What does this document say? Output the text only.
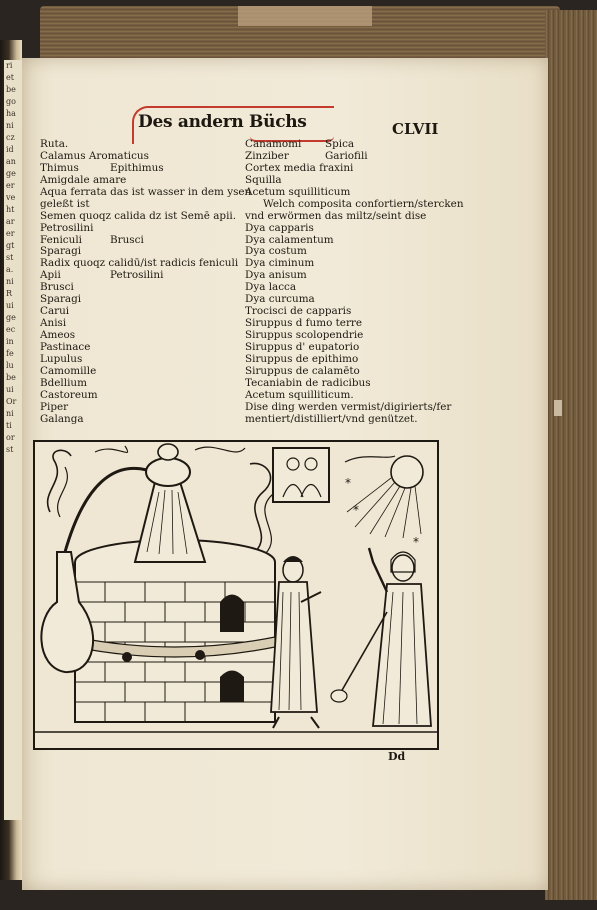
ri
et
be
go
ha
ni
cz
id
an
ge
er
ve
ht
ar
er
gt
st
a.
ni
R
ui
ge
ec
in
fe
lu
be
ui
Or
ni
ti
or
st
Des andern Büchs	CLVII
Ruta.
Calamus Aromaticus
Thimus	Epithimus
Amigdale amare
Aqua ferrata das ist wasser in dem ysen
geleßt ist
Semen quoqz calida dz ist Semē apii.
Petrosilini
Feniculi	Brusci
Sparagi
Radix quoqz calidū/ist radicis feniculi
Apii	Petrosilini
Brusci
Sparagi
Carui
Anisi
Ameos
Pastinace
Lupulus
Camomille
Bdellium
Castoreum
Piper
Galanga
Canamomi Spica
Zinziber	Gariofili
Cortex media fraxini
Squilla
Acetum squilliticum
Welch composita confortiern/stercken
vnd erwörmen das miltz/seint dise
Dya capparis
Dya calamentum
Dya costum
Dya ciminum
Dya anisum
Dya lacca
Dya curcuma
Trocisci de capparis
Siruppus d fumo terre
Siruppus scolopendrie
Siruppus d' eupatorio
Siruppus de epithimo
Siruppus de calamēto
Tecaniabin de radicibus
Acetum squilliticum.
Dise ding werden vermist/digirierts/fer
mentiert/distilliert/vnd genützet.
*
*
*
Dd
